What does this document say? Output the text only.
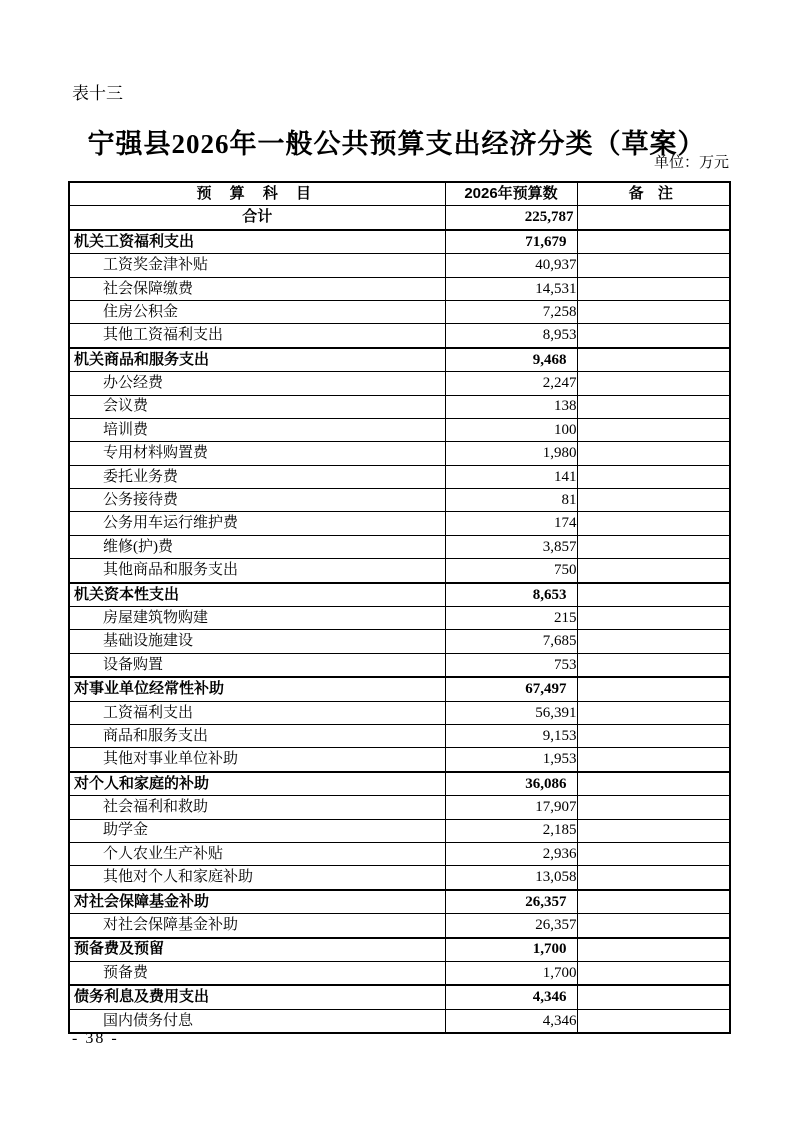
表十三
宁强县2026年一般公共预算支出经济分类（草案）
单位：万元
预 算 科 目	2026年预算数	备 注
合计	225,787	
机关工资福利支出	71,679	
工资奖金津补贴	40,937	
社会保障缴费	14,531	
住房公积金	7,258	
其他工资福利支出	8,953	
机关商品和服务支出	9,468	
办公经费	2,247	
会议费	138	
培训费	100	
专用材料购置费	1,980	
委托业务费	141	
公务接待费	81	
公务用车运行维护费	174	
维修(护)费	3,857	
其他商品和服务支出	750	
机关资本性支出	8,653	
房屋建筑物购建	215	
基础设施建设	7,685	
设备购置	753	
对事业单位经常性补助	67,497	
工资福利支出	56,391	
商品和服务支出	9,153	
其他对事业单位补助	1,953	
对个人和家庭的补助	36,086	
社会福利和救助	17,907	
助学金	2,185	
个人农业生产补贴	2,936	
其他对个人和家庭补助	13,058	
对社会保障基金补助	26,357	
对社会保障基金补助	26,357	
预备费及预留	1,700	
预备费	1,700	
债务利息及费用支出	4,346	
国内债务付息	4,346	
- 38 -
